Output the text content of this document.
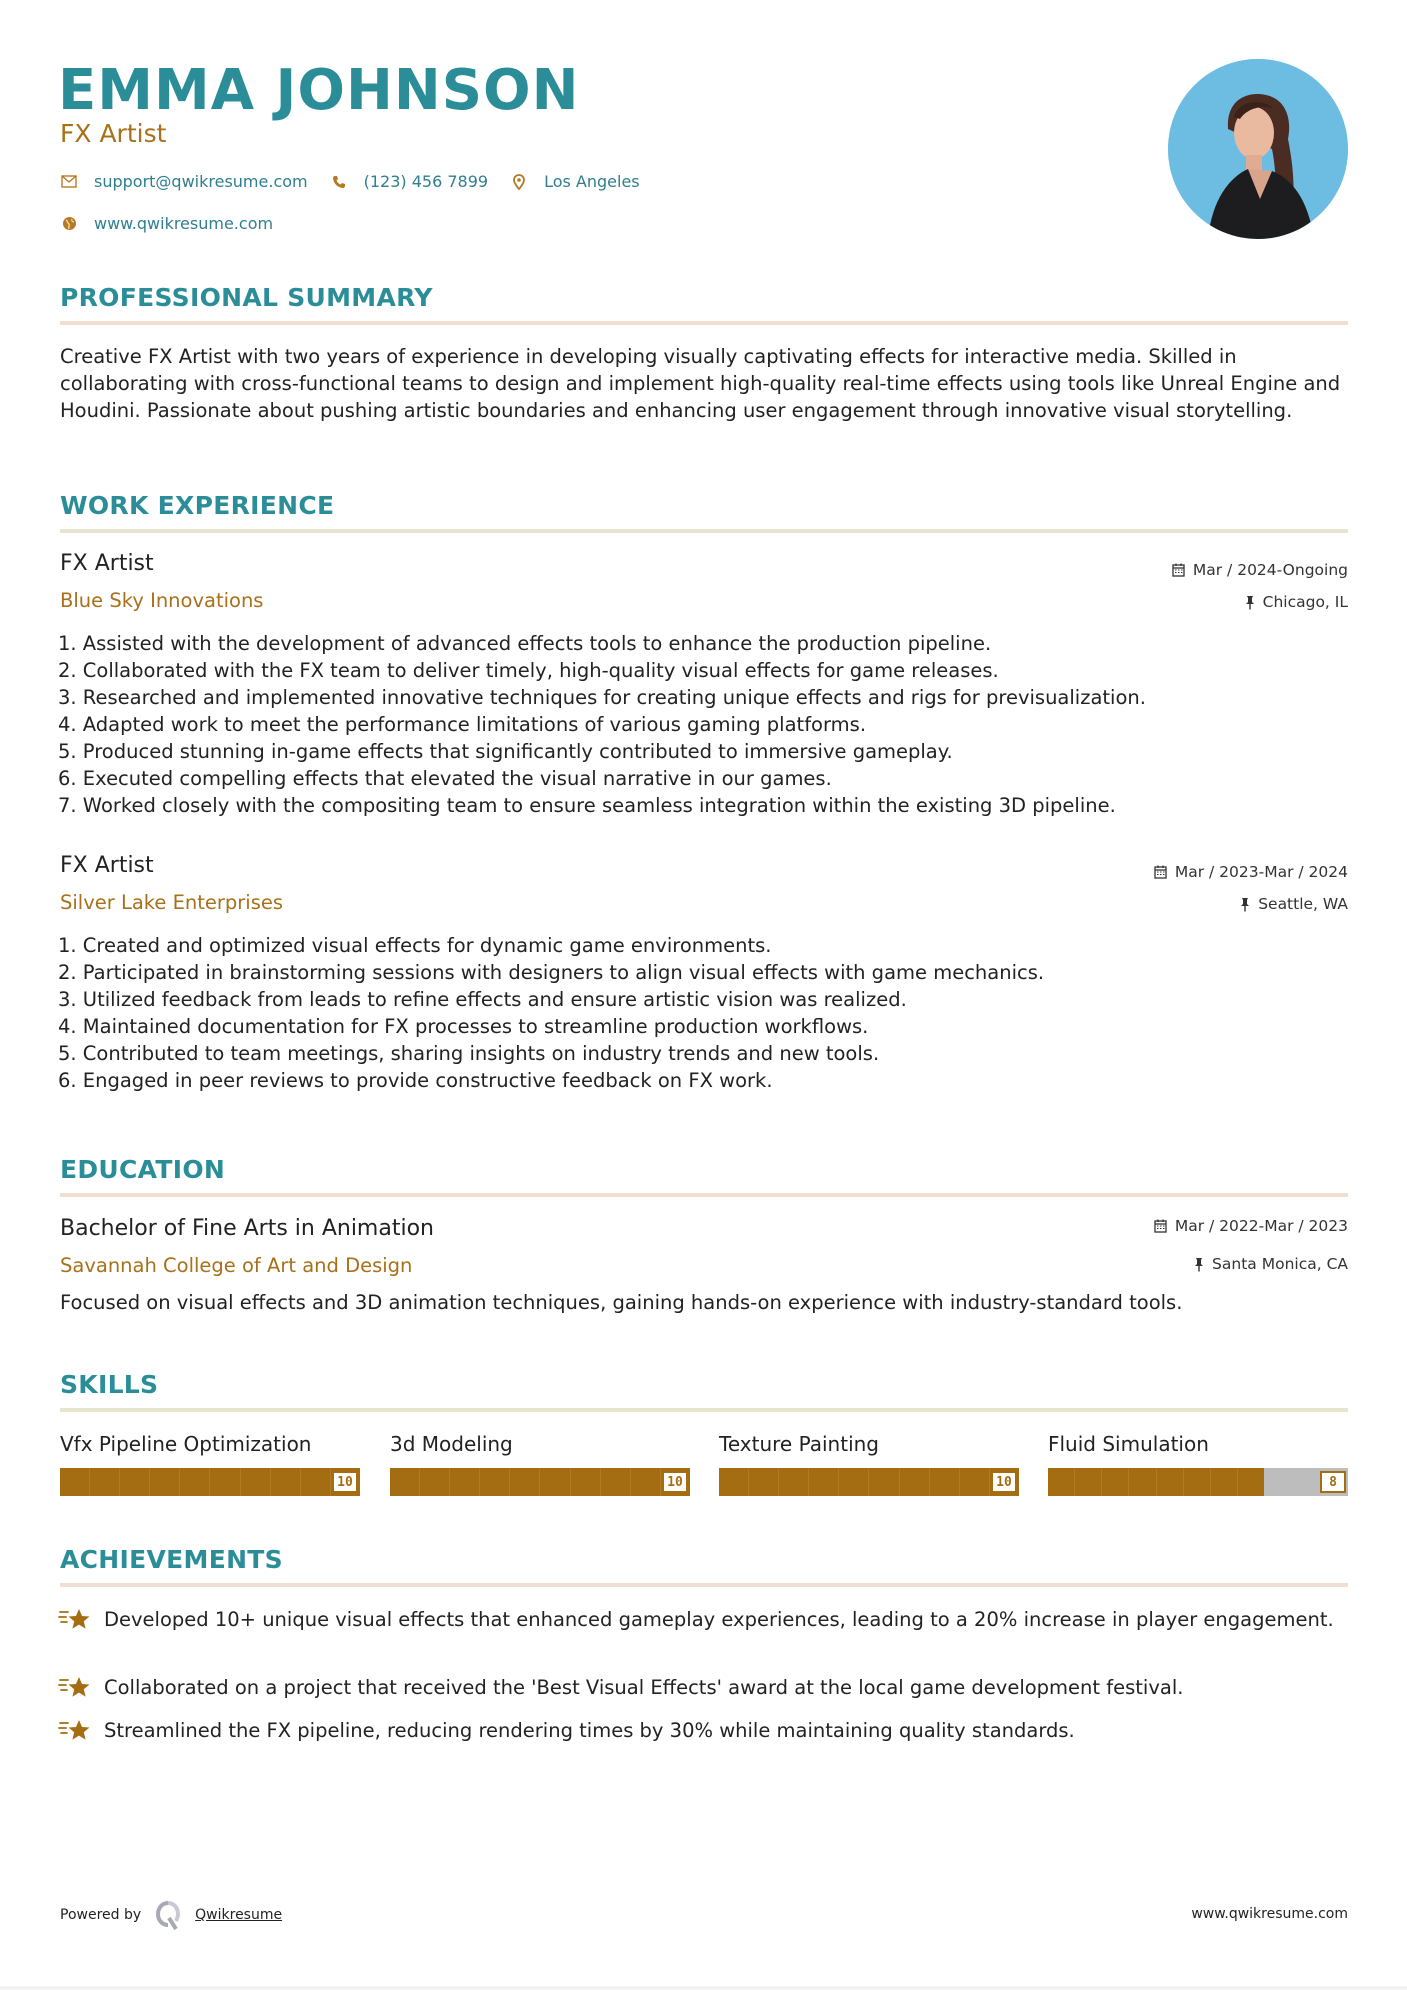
EMMA JOHNSON
FX Artist
support@qwikresume.com	(123) 456 7899	Los Angeles
www.qwikresume.com
PROFESSIONAL SUMMARY
Creative FX Artist with two years of experience in developing visually captivating effects for interactive media. Skilled in collaborating with cross-functional teams to design and implement high-quality real-time effects using tools like Unreal Engine and Houdini. Passionate about pushing artistic boundaries and enhancing user engagement through innovative visual storytelling.
WORK EXPERIENCE
FX Artist
Blue Sky Innovations
Mar / 2024-Ongoing
Chicago, IL
1. Assisted with the development of advanced effects tools to enhance the production pipeline.
2. Collaborated with the FX team to deliver timely, high-quality visual effects for game releases.
3. Researched and implemented innovative techniques for creating unique effects and rigs for previsualization.
4. Adapted work to meet the performance limitations of various gaming platforms.
5. Produced stunning in-game effects that significantly contributed to immersive gameplay.
6. Executed compelling effects that elevated the visual narrative in our games.
7. Worked closely with the compositing team to ensure seamless integration within the existing 3D pipeline.
FX Artist
Silver Lake Enterprises
Mar / 2023-Mar / 2024
Seattle, WA
1. Created and optimized visual effects for dynamic game environments.
2. Participated in brainstorming sessions with designers to align visual effects with game mechanics.
3. Utilized feedback from leads to refine effects and ensure artistic vision was realized.
4. Maintained documentation for FX processes to streamline production workflows.
5. Contributed to team meetings, sharing insights on industry trends and new tools.
6. Engaged in peer reviews to provide constructive feedback on FX work.
EDUCATION
Bachelor of Fine Arts in Animation
Savannah College of Art and Design
Mar / 2022-Mar / 2023
Santa Monica, CA
Focused on visual effects and 3D animation techniques, gaining hands-on experience with industry-standard tools.
SKILLS
Vfx Pipeline Optimization
10
3d Modeling
10
Texture Painting
10
Fluid Simulation
8
ACHIEVEMENTS
Developed 10+ unique visual effects that enhanced gameplay experiences, leading to a 20% increase in player engagement.
Collaborated on a project that received the 'Best Visual Effects' award at the local game development festival.
Streamlined the FX pipeline, reducing rendering times by 30% while maintaining quality standards.
Powered by	Qwikresume	www.qwikresume.com
